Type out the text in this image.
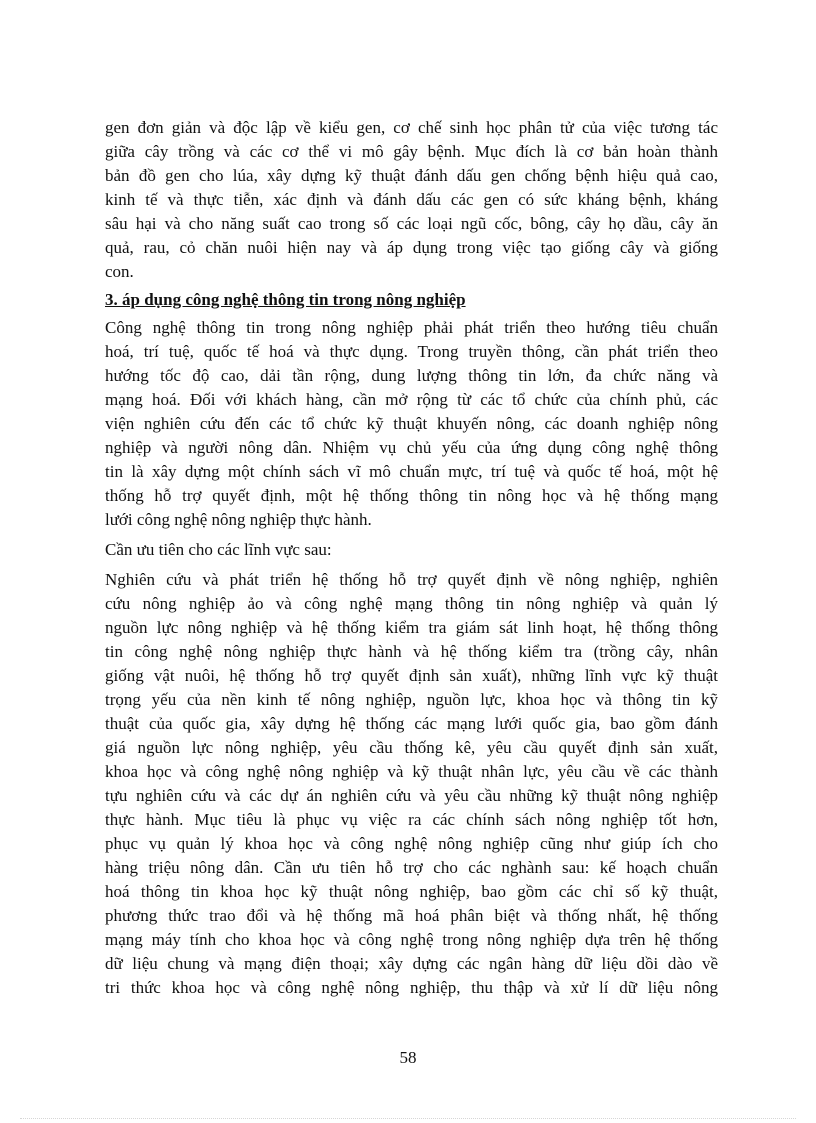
gen đơn giản và độc lập về kiểu gen, cơ chế sinh học phân tử của việc tương tác
giữa cây trồng và các cơ thể vi mô gây bệnh. Mục đích là cơ bản hoàn thành
bản đồ gen cho lúa, xây dựng kỹ thuật đánh dấu gen chống bệnh hiệu quả cao,
kinh tế và thực tiễn, xác định và đánh dấu các gen có sức kháng bệnh, kháng
sâu hại và cho năng suất cao trong số các loại ngũ cốc, bông, cây họ dầu, cây ăn
quả, rau, cỏ chăn nuôi hiện nay và áp dụng trong việc tạo giống cây và giống
con.
3. áp dụng công nghệ thông tin trong nông nghiệp
Công nghệ thông tin trong nông nghiệp phải phát triển theo hướng tiêu chuẩn
hoá, trí tuệ, quốc tế hoá và thực dụng. Trong truyền thông, cần phát triển theo
hướng tốc độ cao, dải tần rộng, dung lượng thông tin lớn, đa chức năng và
mạng hoá. Đối với khách hàng, cần mở rộng từ các tổ chức của chính phủ, các
viện nghiên cứu đến các tổ chức kỹ thuật khuyến nông, các doanh nghiệp nông
nghiệp và người nông dân. Nhiệm vụ chủ yếu của ứng dụng công nghệ thông
tin là xây dựng một chính sách vĩ mô chuẩn mực, trí tuệ và quốc tế hoá, một hệ
thống hỗ trợ quyết định, một hệ thống thông tin nông học và hệ thống mạng
lưới công nghệ nông nghiệp thực hành.
Cần ưu tiên cho các lĩnh vực sau:
Nghiên cứu và phát triển hệ thống hỗ trợ quyết định về nông nghiệp, nghiên
cứu nông nghiệp ảo và công nghệ mạng thông tin nông nghiệp và quản lý
nguồn lực nông nghiệp và hệ thống kiểm tra giám sát linh hoạt, hệ thống thông
tin công nghệ nông nghiệp thực hành và hệ thống kiểm tra (trồng cây, nhân
giống vật nuôi, hệ thống hỗ trợ quyết định sản xuất), những lĩnh vực kỹ thuật
trọng yếu của nền kinh tế nông nghiệp, nguồn lực, khoa học và thông tin kỹ
thuật của quốc gia, xây dựng hệ thống các mạng lưới quốc gia, bao gồm đánh
giá nguồn lực nông nghiệp, yêu cầu thống kê, yêu cầu quyết định sản xuất,
khoa học và công nghệ nông nghiệp và kỹ thuật nhân lực, yêu cầu về các thành
tựu nghiên cứu và các dự án nghiên cứu và yêu cầu những kỹ thuật nông nghiệp
thực hành. Mục tiêu là phục vụ việc ra các chính sách nông nghiệp tốt hơn,
phục vụ quản lý khoa học và công nghệ nông nghiệp cũng như giúp ích cho
hàng triệu nông dân. Cần ưu tiên hỗ trợ cho các nghành sau: kế hoạch chuẩn
hoá thông tin khoa học kỹ thuật nông nghiệp, bao gồm các chỉ số kỹ thuật,
phương thức trao đổi và hệ thống mã hoá phân biệt và thống nhất, hệ thống
mạng máy tính cho khoa học và công nghệ trong nông nghiệp dựa trên hệ thống
dữ liệu chung và mạng điện thoại; xây dựng các ngân hàng dữ liệu dồi dào về
tri thức khoa học và công nghệ nông nghiệp, thu thập và xử lí dữ liệu nông
58
